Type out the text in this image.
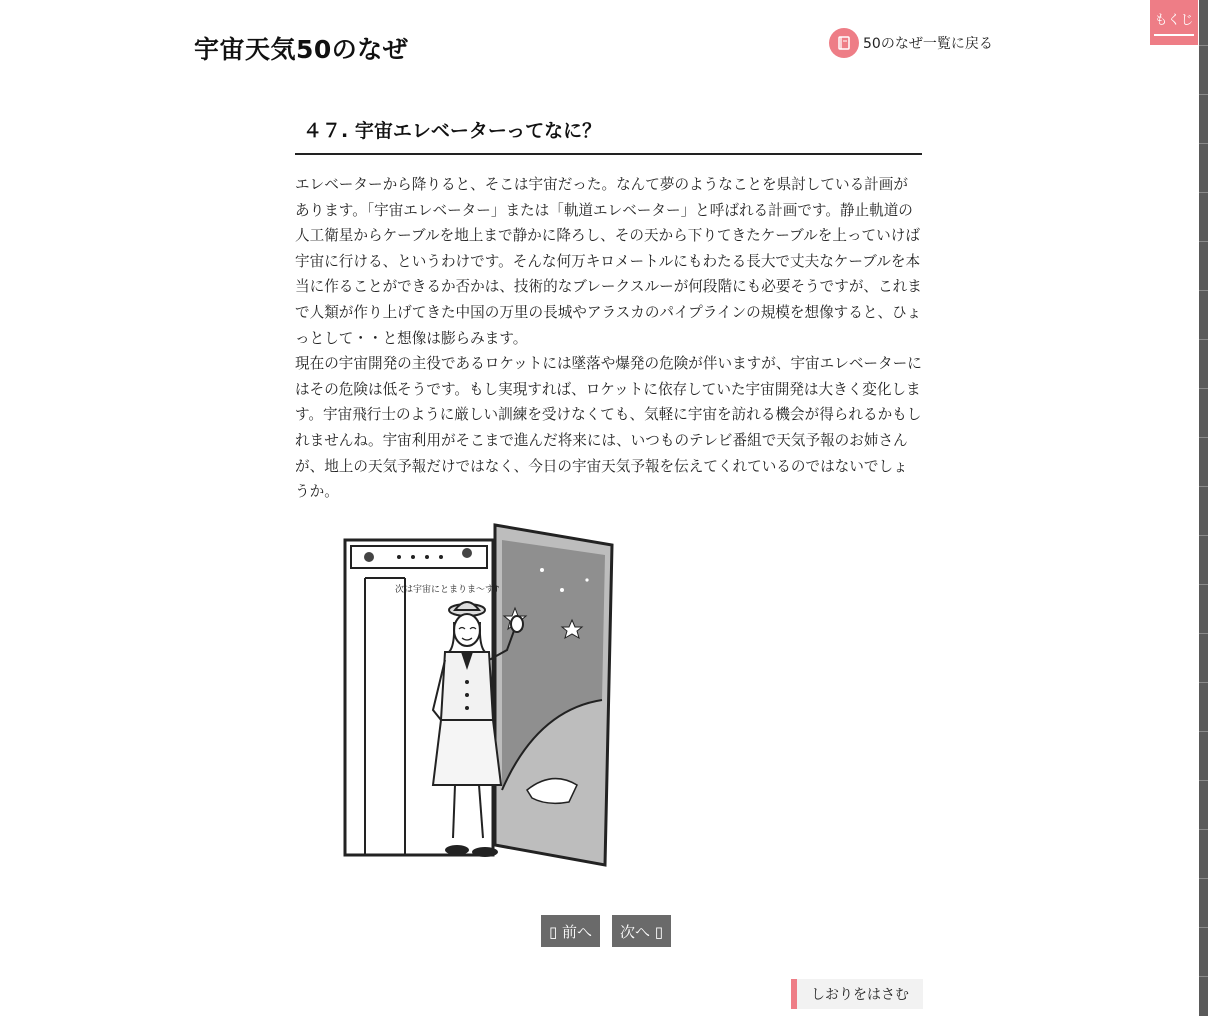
宇宙天気50のなぜ	50のなぜ一覧に戻る
もくじ
４７. 宇宙エレベーターってなに？

エレベーターから降りると、そこは宇宙だった。なんて夢のようなことを県討している計画があります。「宇宙エレベーター」または「軌道エレベーター」と呼ばれる計画です。静止軌道の人工衛星からケーブルを地上まで静かに降ろし、その天から下りてきたケーブルを上っていけば宇宙に行ける、というわけです。そんな何万キロメートルにもわたる長大で丈夫なケーブルを本当に作ることができるか否かは、技術的なブレークスルーが何段階にも必要そうですが、これまで人類が作り上げてきた中国の万里の長城やアラスカのパイプラインの規模を想像すると、ひょっとして・・と想像は膨らみます。
現在の宇宙開発の主役であるロケットには墜落や爆発の危険が伴いますが、宇宙エレベーターにはその危険は低そうです。もし実現すれば、ロケットに依存していた宇宙開発は大きく変化します。宇宙飛行士のように厳しい訓練を受けなくても、気軽に宇宙を訪れる機会が得られるかもしれませんね。宇宙利用がそこまで進んだ将来には、いつものテレビ番組で天気予報のお姉さんが、地上の天気予報だけではなく、今日の宇宙天気予報を伝えてくれているのではないでしょうか。

次は宇宙にとまりま～す♪
▯ 前へ	次へ ▯
しおりをはさむ
